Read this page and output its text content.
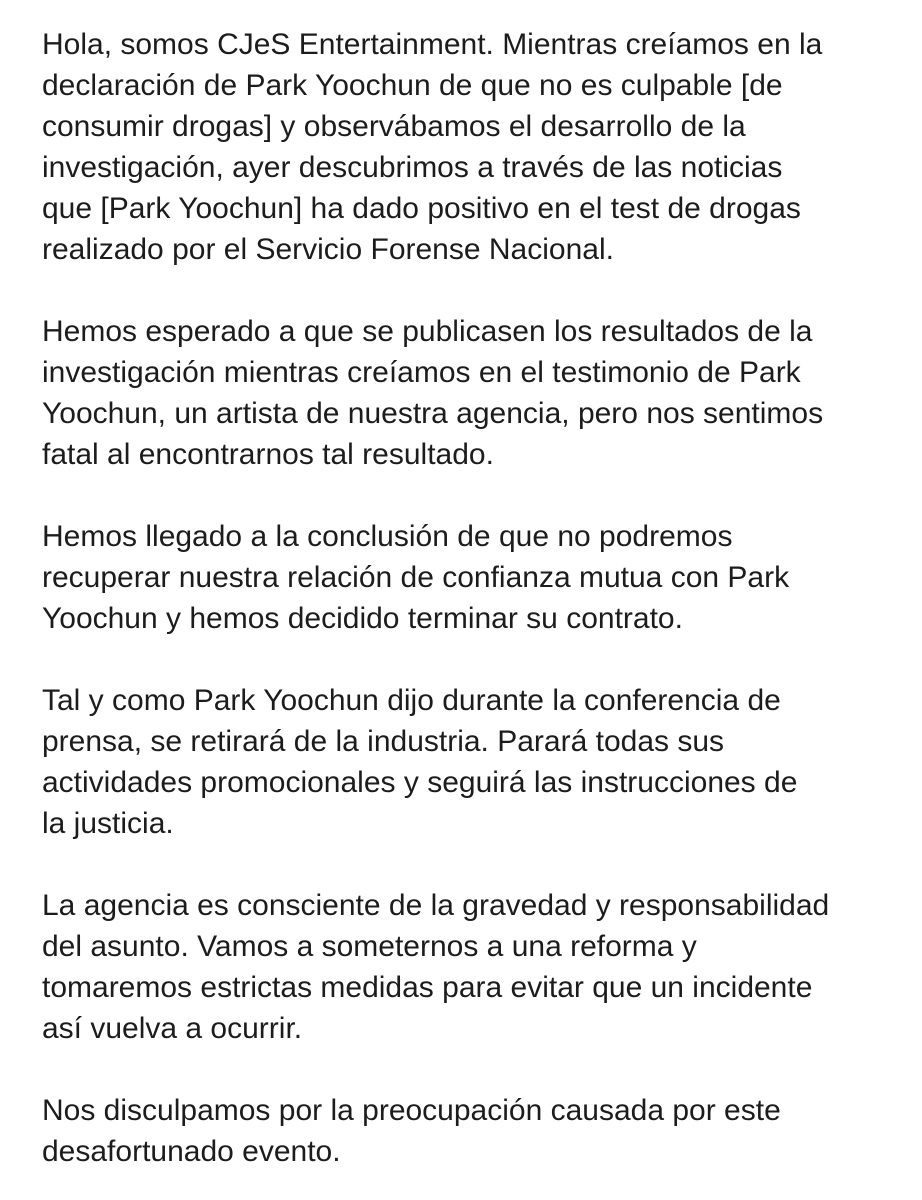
Hola, somos CJeS Entertainment. Mientras creíamos en la
declaración de Park Yoochun de que no es culpable [de
consumir drogas] y observábamos el desarrollo de la
investigación, ayer descubrimos a través de las noticias
que [Park Yoochun] ha dado positivo en el test de drogas
realizado por el Servicio Forense Nacional.

Hemos esperado a que se publicasen los resultados de la
investigación mientras creíamos en el testimonio de Park
Yoochun, un artista de nuestra agencia, pero nos sentimos
fatal al encontrarnos tal resultado.

Hemos llegado a la conclusión de que no podremos
recuperar nuestra relación de confianza mutua con Park
Yoochun y hemos decidido terminar su contrato.

Tal y como Park Yoochun dijo durante la conferencia de
prensa, se retirará de la industria. Parará todas sus
actividades promocionales y seguirá las instrucciones de
la justicia.

La agencia es consciente de la gravedad y responsabilidad
del asunto. Vamos a someternos a una reforma y
tomaremos estrictas medidas para evitar que un incidente
así vuelva a ocurrir.

Nos disculpamos por la preocupación causada por este
desafortunado evento.
